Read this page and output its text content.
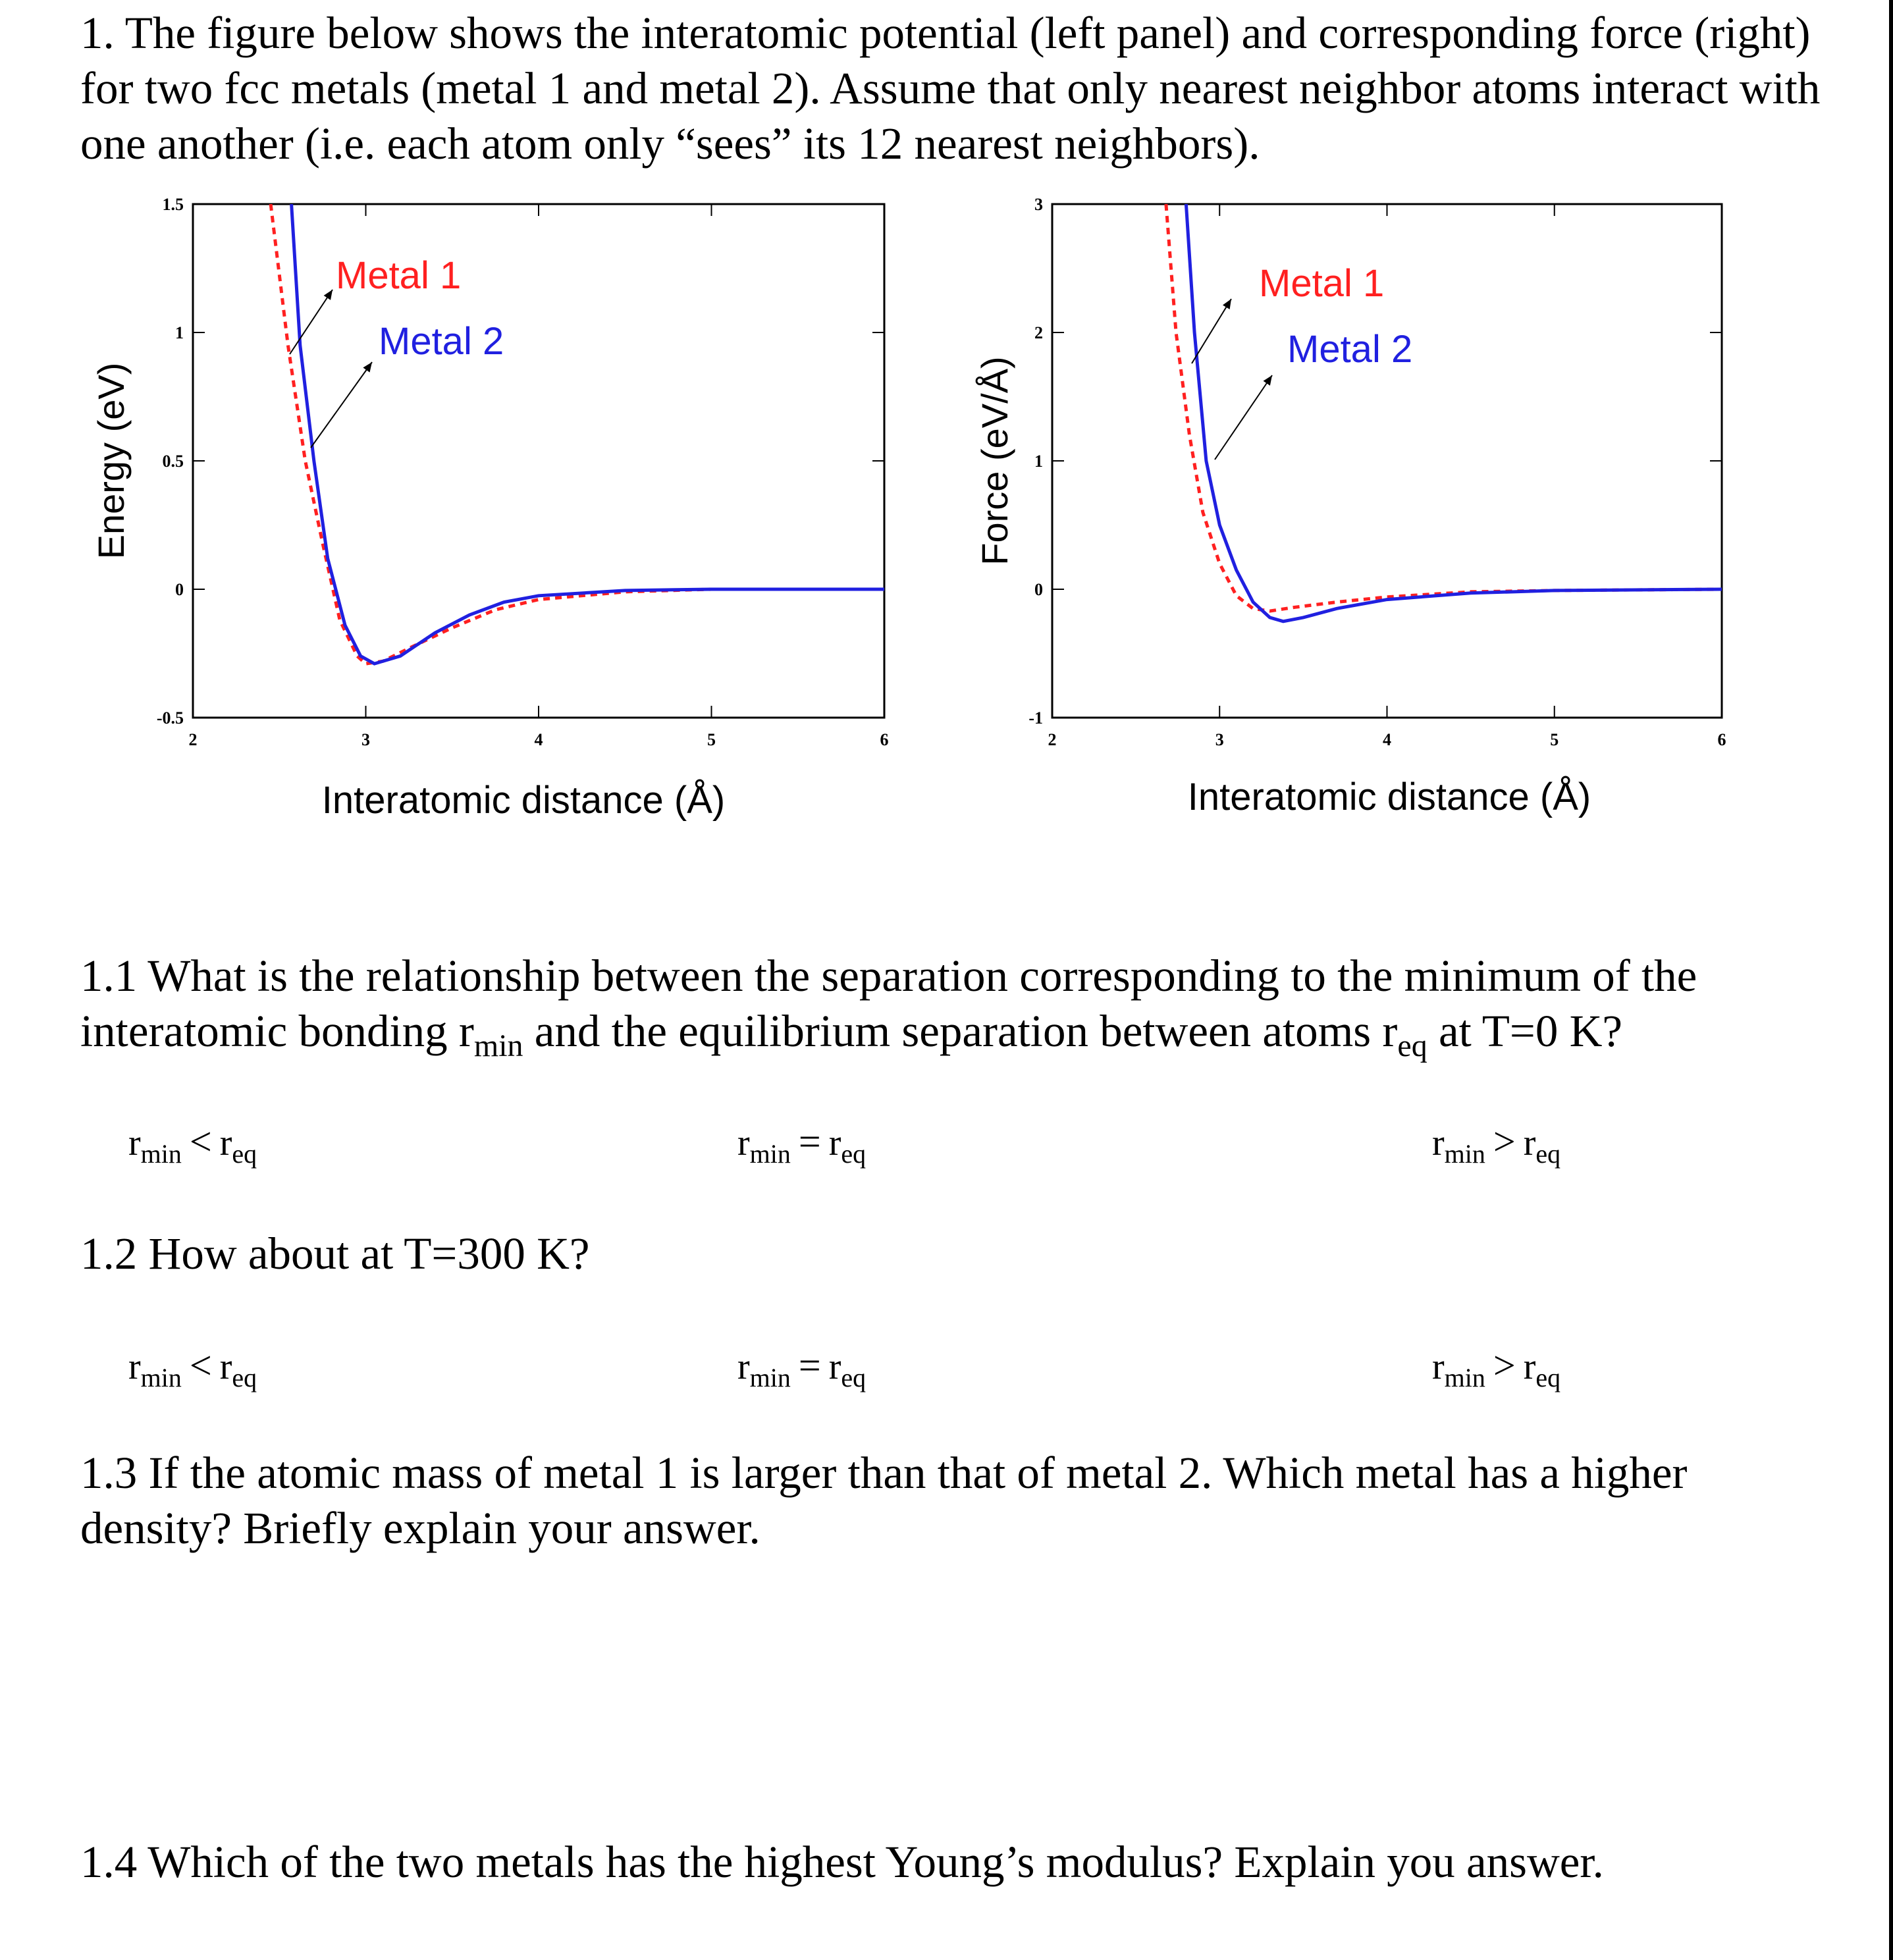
1. The figure below shows the interatomic potential (left panel) and corresponding force (right) for two fcc metals (metal 1 and metal 2). Assume that only nearest neighbor atoms interact with one another (i.e. each atom only “sees” its 12 nearest neighbors).

2	3	4	5	6
1.5
1
0.5
0
-0.5
Metal 1
Metal 2
Energy (eV)
Interatomic distance (Å)
2	3	4	5	6
3
2
1
0
-1
Metal 1
Metal 2
Force (eV/Å)
Interatomic distance (Å)

1.1 What is the relationship between the separation corresponding to the minimum of the interatomic bonding $r_{min}$ and the equilibrium separation between atoms $r_{eq}$ at T=0 K?

$r_{min} < r_{eq}$	$r_{min} = r_{eq}$	$r_{min} > r_{eq}$

1.2 How about at T=300 K?

$r_{min} < r_{eq}$	$r_{min} = r_{eq}$	$r_{min} > r_{eq}$

1.3 If the atomic mass of metal 1 is larger than that of metal 2. Which metal has a higher density? Briefly explain your answer.

1.4 Which of the two metals has the highest Young’s modulus? Explain you answer.
